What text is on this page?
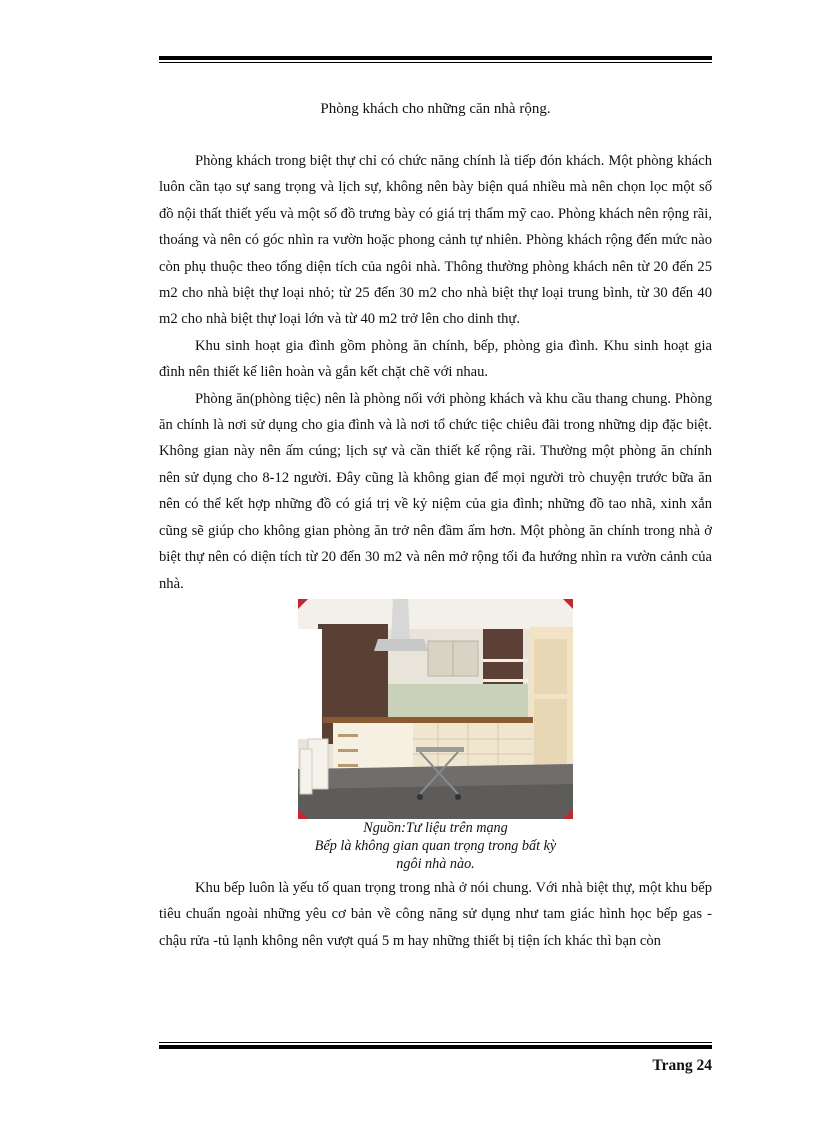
Phòng khách cho những căn nhà rộng.

Phòng khách trong biệt thự chỉ có chức năng chính là tiếp đón khách. Một phòng khách luôn cần tạo sự sang trọng và lịch sự, không nên bày biện quá nhiều mà nên chọn lọc một số đồ nội thất thiết yếu và một số đồ trưng bày có giá trị thẩm mỹ cao. Phòng khách nên rộng rãi, thoáng và nên có góc nhìn ra vườn hoặc phong cảnh tự nhiên. Phòng khách rộng đến mức nào còn phụ thuộc theo tổng diện tích của ngôi nhà. Thông thường phòng khách nên từ 20 đến 25 m2 cho nhà biệt thự loại nhỏ; từ 25 đến 30 m2 cho nhà biệt thự loại trung bình, từ 30 đến 40 m2 cho nhà biệt thự loại lớn và từ 40 m2 trở lên cho dinh thự.

Khu sinh hoạt gia đình gồm phòng ăn chính, bếp, phòng gia đình. Khu sinh hoạt gia đình nên thiết kế liên hoàn và gắn kết chặt chẽ với nhau.

Phòng ăn(phòng tiệc) nên là phòng nối với phòng khách và khu cầu thang chung. Phòng ăn chính là nơi sử dụng cho gia đình và là nơi tổ chức tiệc chiêu đãi trong những dịp đặc biệt. Không gian này nên ấm cúng; lịch sự và cần thiết kế rộng rãi. Thường một phòng ăn chính nên sử dụng cho 8-12 người. Đây cũng là không gian để mọi người trò chuyện trước bữa ăn nên có thể kết hợp những đồ có giá trị về kỷ niệm của gia đình; những đồ tao nhã, xinh xắn cũng sẽ giúp cho không gian phòng ăn trở nên đầm ấm hơn. Một phòng ăn chính trong nhà ở biệt thự nên có diện tích từ 20 đến 30 m2 và nên mở rộng tối đa hướng nhìn ra vườn cảnh của nhà.

Nguồn:Tư liệu trên mạng
Bếp là không gian quan trọng trong bất kỳ
ngôi nhà nào.

Khu bếp luôn là yếu tố quan trọng trong nhà ở nói chung. Với nhà biệt thự, một khu bếp tiêu chuẩn ngoài những yêu cơ bản về công năng sử dụng như tam giác hình học bếp gas - chậu rửa -tủ lạnh không nên vượt quá 5 m hay những thiết bị tiện ích khác thì bạn còn

Trang 24
